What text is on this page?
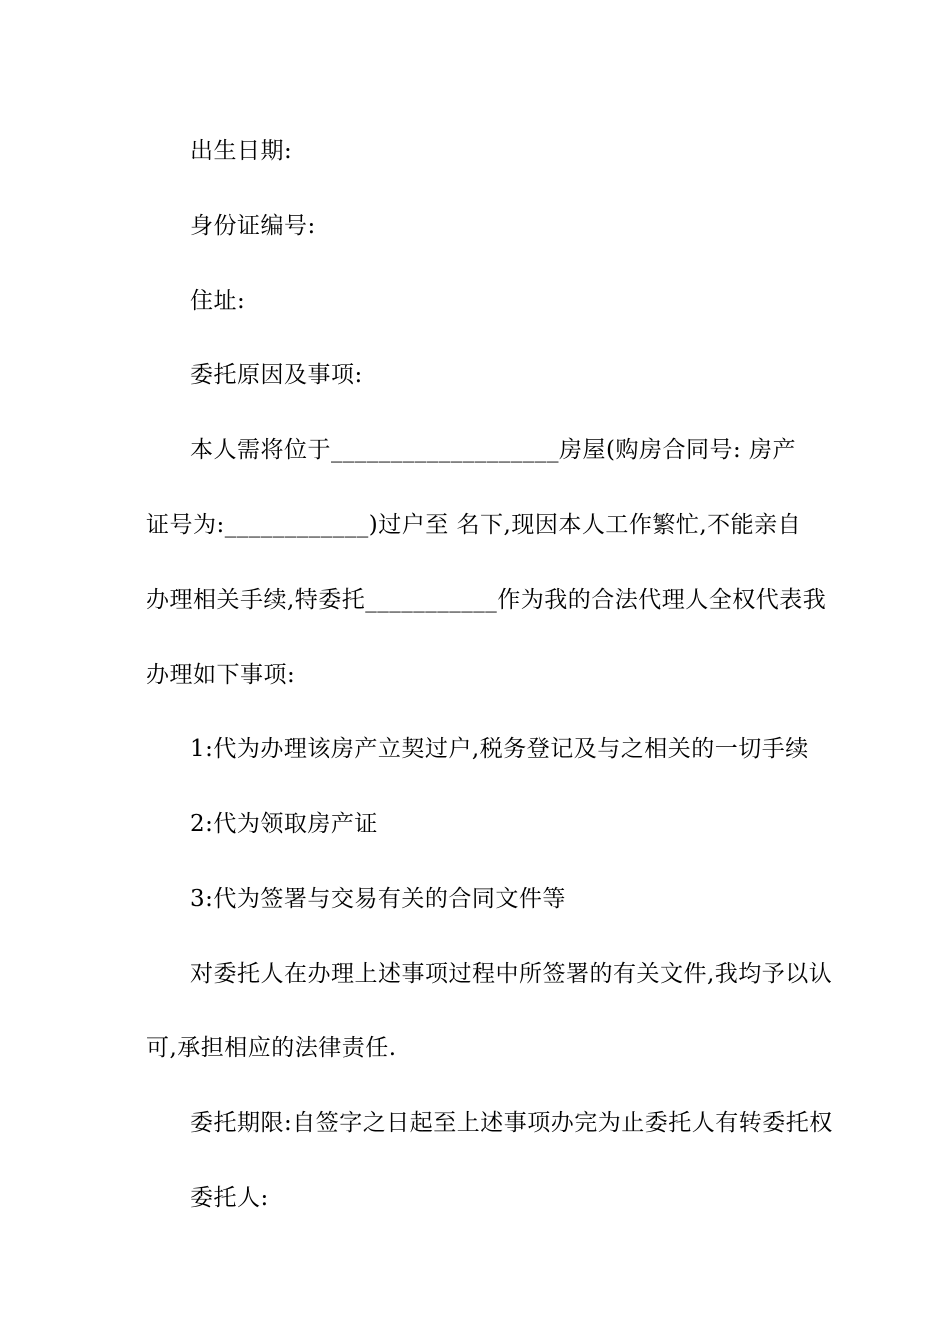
出生日期:
身份证编号:
住址:
委托原因及事项:
本人需将位于___________________房屋(购房合同号: 房产
证号为:____________)过户至 名下,现因本人工作繁忙,不能亲自
办理相关手续,特委托___________作为我的合法代理人全权代表我
办理如下事项:
1:代为办理该房产立契过户,税务登记及与之相关的一切手续
2:代为领取房产证
3:代为签署与交易有关的合同文件等
对委托人在办理上述事项过程中所签署的有关文件,我均予以认
可,承担相应的法律责任.
委托期限:自签字之日起至上述事项办完为止委托人有转委托权
委托人:
